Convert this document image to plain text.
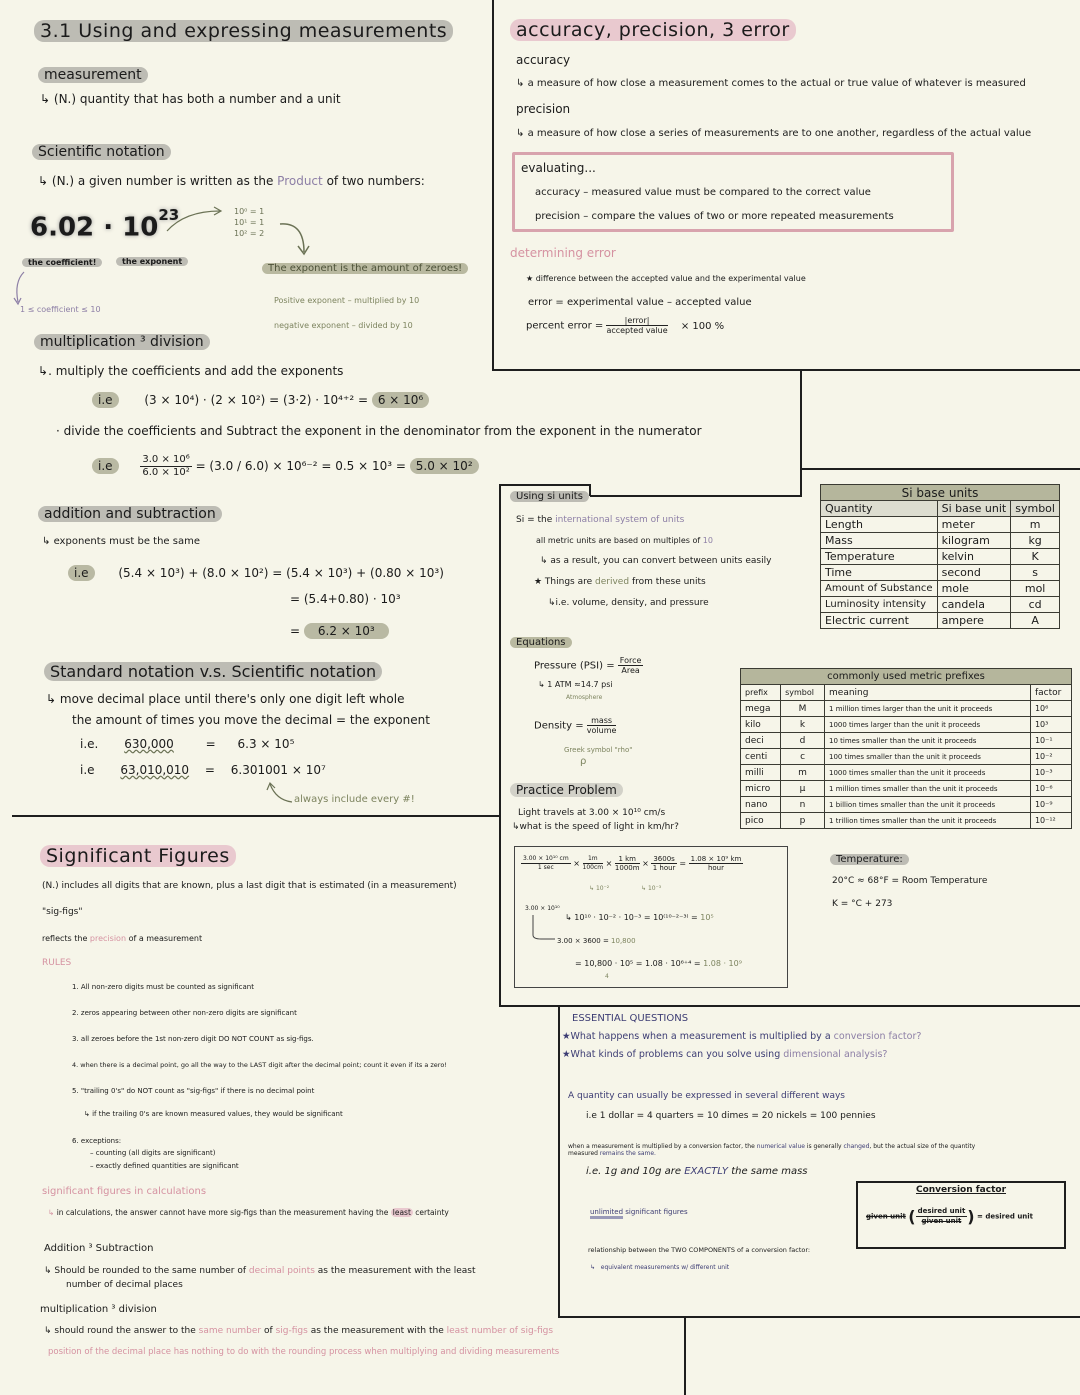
3.1 Using and expressing measurements
measurement
↳ (N.) quantity that has both a number and a unit
Scientific notation
↳ (N.) a given number is written as the Product of two numbers:
$6.02 \cdot 10^{23}$
the coefficient!	the exponent
1 ≤ coefficient ≤ 10
10⁰ = 1
10¹ = 1
10² = 2
The exponent is the amount of zeroes!
Positive exponent – multiplied by 10
negative exponent – divided by 10
multiplication ³ division
↳. multiply the coefficients and add the exponents
i.e	(3 × 10⁴) · (2 × 10²) = (3·2) · 10⁴⁺² = 6 × 10⁶
· divide the coefficients and Subtract the exponent in the denominator from the exponent in the numerator
i.e	$\frac{\text{3.0 × 10⁶}}{\text{6.0 × 10²}} = (3.0 / 6.0) \times 10^{6-2} = 0.5 \times 10^3 = 5.0 \times 10^2$
addition and subtraction
↳ exponents must be the same
i.e (5.4 × 10³) + (8.0 × 10²) = (5.4 × 10³) + (0.80 × 10³)
= (5.4+0.80) · 10³
= 6.2 × 10³
Standard notation v.s. Scientific notation
↳ move decimal place until there's only one digit left whole
the amount of times you move the decimal = the exponent
i.e. 630,000	= 6.3 × 10⁵
i.e 63,010,010 = 6.301001 × 10⁷
always include every #!
accuracy, precision, 3 error
accuracy
↳ a measure of how close a measurement comes to the actual or true value of whatever is measured
precision
↳ a measure of how close a series of measurements are to one another, regardless of the actual value
evaluating...
accuracy – measured value must be compared to the correct value
precision – compare the values of two or more repeated measurements
determining error
★ difference between the accepted value and the experimental value
error = experimental value – accepted value
percent error = $\frac{\text{|error|}}{\text{accepted value}} \times 100$ %
Using si units
Si = the international system of units
all metric units are based on multiples of 10
↳ as a result, you can convert between units easily
★ Things are derived from these units
↳i.e. volume, density, and pressure
Equations
Pressure $(PSI) = \frac{\text{Force}}{\text{Area}}$
↳ 1 ATM ≈14.7 psi
Atmosphere
Density = $\frac{\text{mass}}{\text{volume}}$
Greek symbol "rho"
ρ
Practice Problem
Light travels at 3.00 × 10¹⁰ cm/s
↳what is the speed of light in km/hr?
$\frac{\text{3.00 × 10¹⁰ cm}}{1 \sec} \times \frac{1m}{100cm} \times \frac{1 km}{1000m} \times \frac{3600s}{\text{1 hour}} = \frac{\text{1.08 × 10⁹ km}}{\text{hour}}$
↳ 10⁻²	↳ 10⁻³
3.00 × 10¹⁰
↳ 10¹⁰ · 10⁻² · 10⁻³ = 10⁽¹⁰⁻²⁻³⁾ = 10⁵
3.00 × 3600 = 10,800
= 10,800 · 10⁵ = 1.08 · 10⁶⁺⁴ = 1.08 · 10⁹
4
Temperature:
20°C ≈ 68°F = Room Temperature
K = °C + 273
Si base units		
Quantity	Si base unit	symbol
Length	meter	m
Mass	kilogram	kg
Temperature	kelvin	K
Time	second	s
Amount of Substance	mole	mol
Luminosity intensity	candela	cd
Electric current	ampere	A
commonly used metric prefixes			
prefix	symbol	meaning	factor
mega	M	1 million times larger than the unit it proceeds	10⁶
kilo	k	1000 times larger than the unit it proceeds	10³
deci	d	10 times smaller than the unit it proceeds	10⁻¹
centi	c	100 times smaller than the unit it proceeds	10⁻²
milli	m	1000 times smaller than the unit it proceeds	10⁻³
micro	μ	1 million times smaller than the unit it proceeds	10⁻⁶
nano	n	1 billion times smaller than the unit it proceeds	10⁻⁹
pico	p	1 trillion times smaller than the unit it proceeds	10⁻¹²
Significant Figures
(N.) includes all digits that are known, plus a last digit that is estimated (in a measurement)
"sig-figs"
reflects the precision of a measurement
RULES
1. All non-zero digits must be counted as significant
2. zeros appearing between other non-zero digits are significant
3. all zeroes before the 1st non-zero digit DO NOT COUNT as sig-figs.
4. when there is a decimal point, go all the way to the LAST digit after the decimal point; count it even if its a zero!
5. "trailing 0's" do NOT count as "sig-figs" if there is no decimal point
↳ if the trailing 0's are known measured values, they would be significant
6. exceptions:
– counting (all digits are significant)
– exactly defined quantities are significant
significant figures in calculations
↳ in calculations, the answer cannot have more sig-figs than the measurement having the least certainty
Addition ³ Subtraction
↳ Should be rounded to the same number of decimal points as the measurement with the least
number of decimal places
multiplication ³ division
↳ should round the answer to the same number of sig-figs as the measurement with the least number of sig-figs
position of the decimal place has nothing to do with the rounding process when multiplying and dividing measurements
ESSENTIAL QUESTIONS
★What happens when a measurement is multiplied by a conversion factor?
★What kinds of problems can you solve using dimensional analysis?
A quantity can usually be expressed in several different ways
i.e 1 dollar = 4 quarters = 10 dimes = 20 nickels = 100 pennies
when a measurement is multiplied by a conversion factor, the numerical value is generally changed, but the actual size of the quantity
measured remains the same.
i.e. 1g and 10g are EXACTLY the same mass
unlimited significant figures
relationship between the TWO COMPONENTS of a conversion factor:
↳ equivalent measurements w/ different unit
Conversion factor
given unit ( $\frac{\text{desired unit}}{\text{given unit}}$ ) = desired unit
